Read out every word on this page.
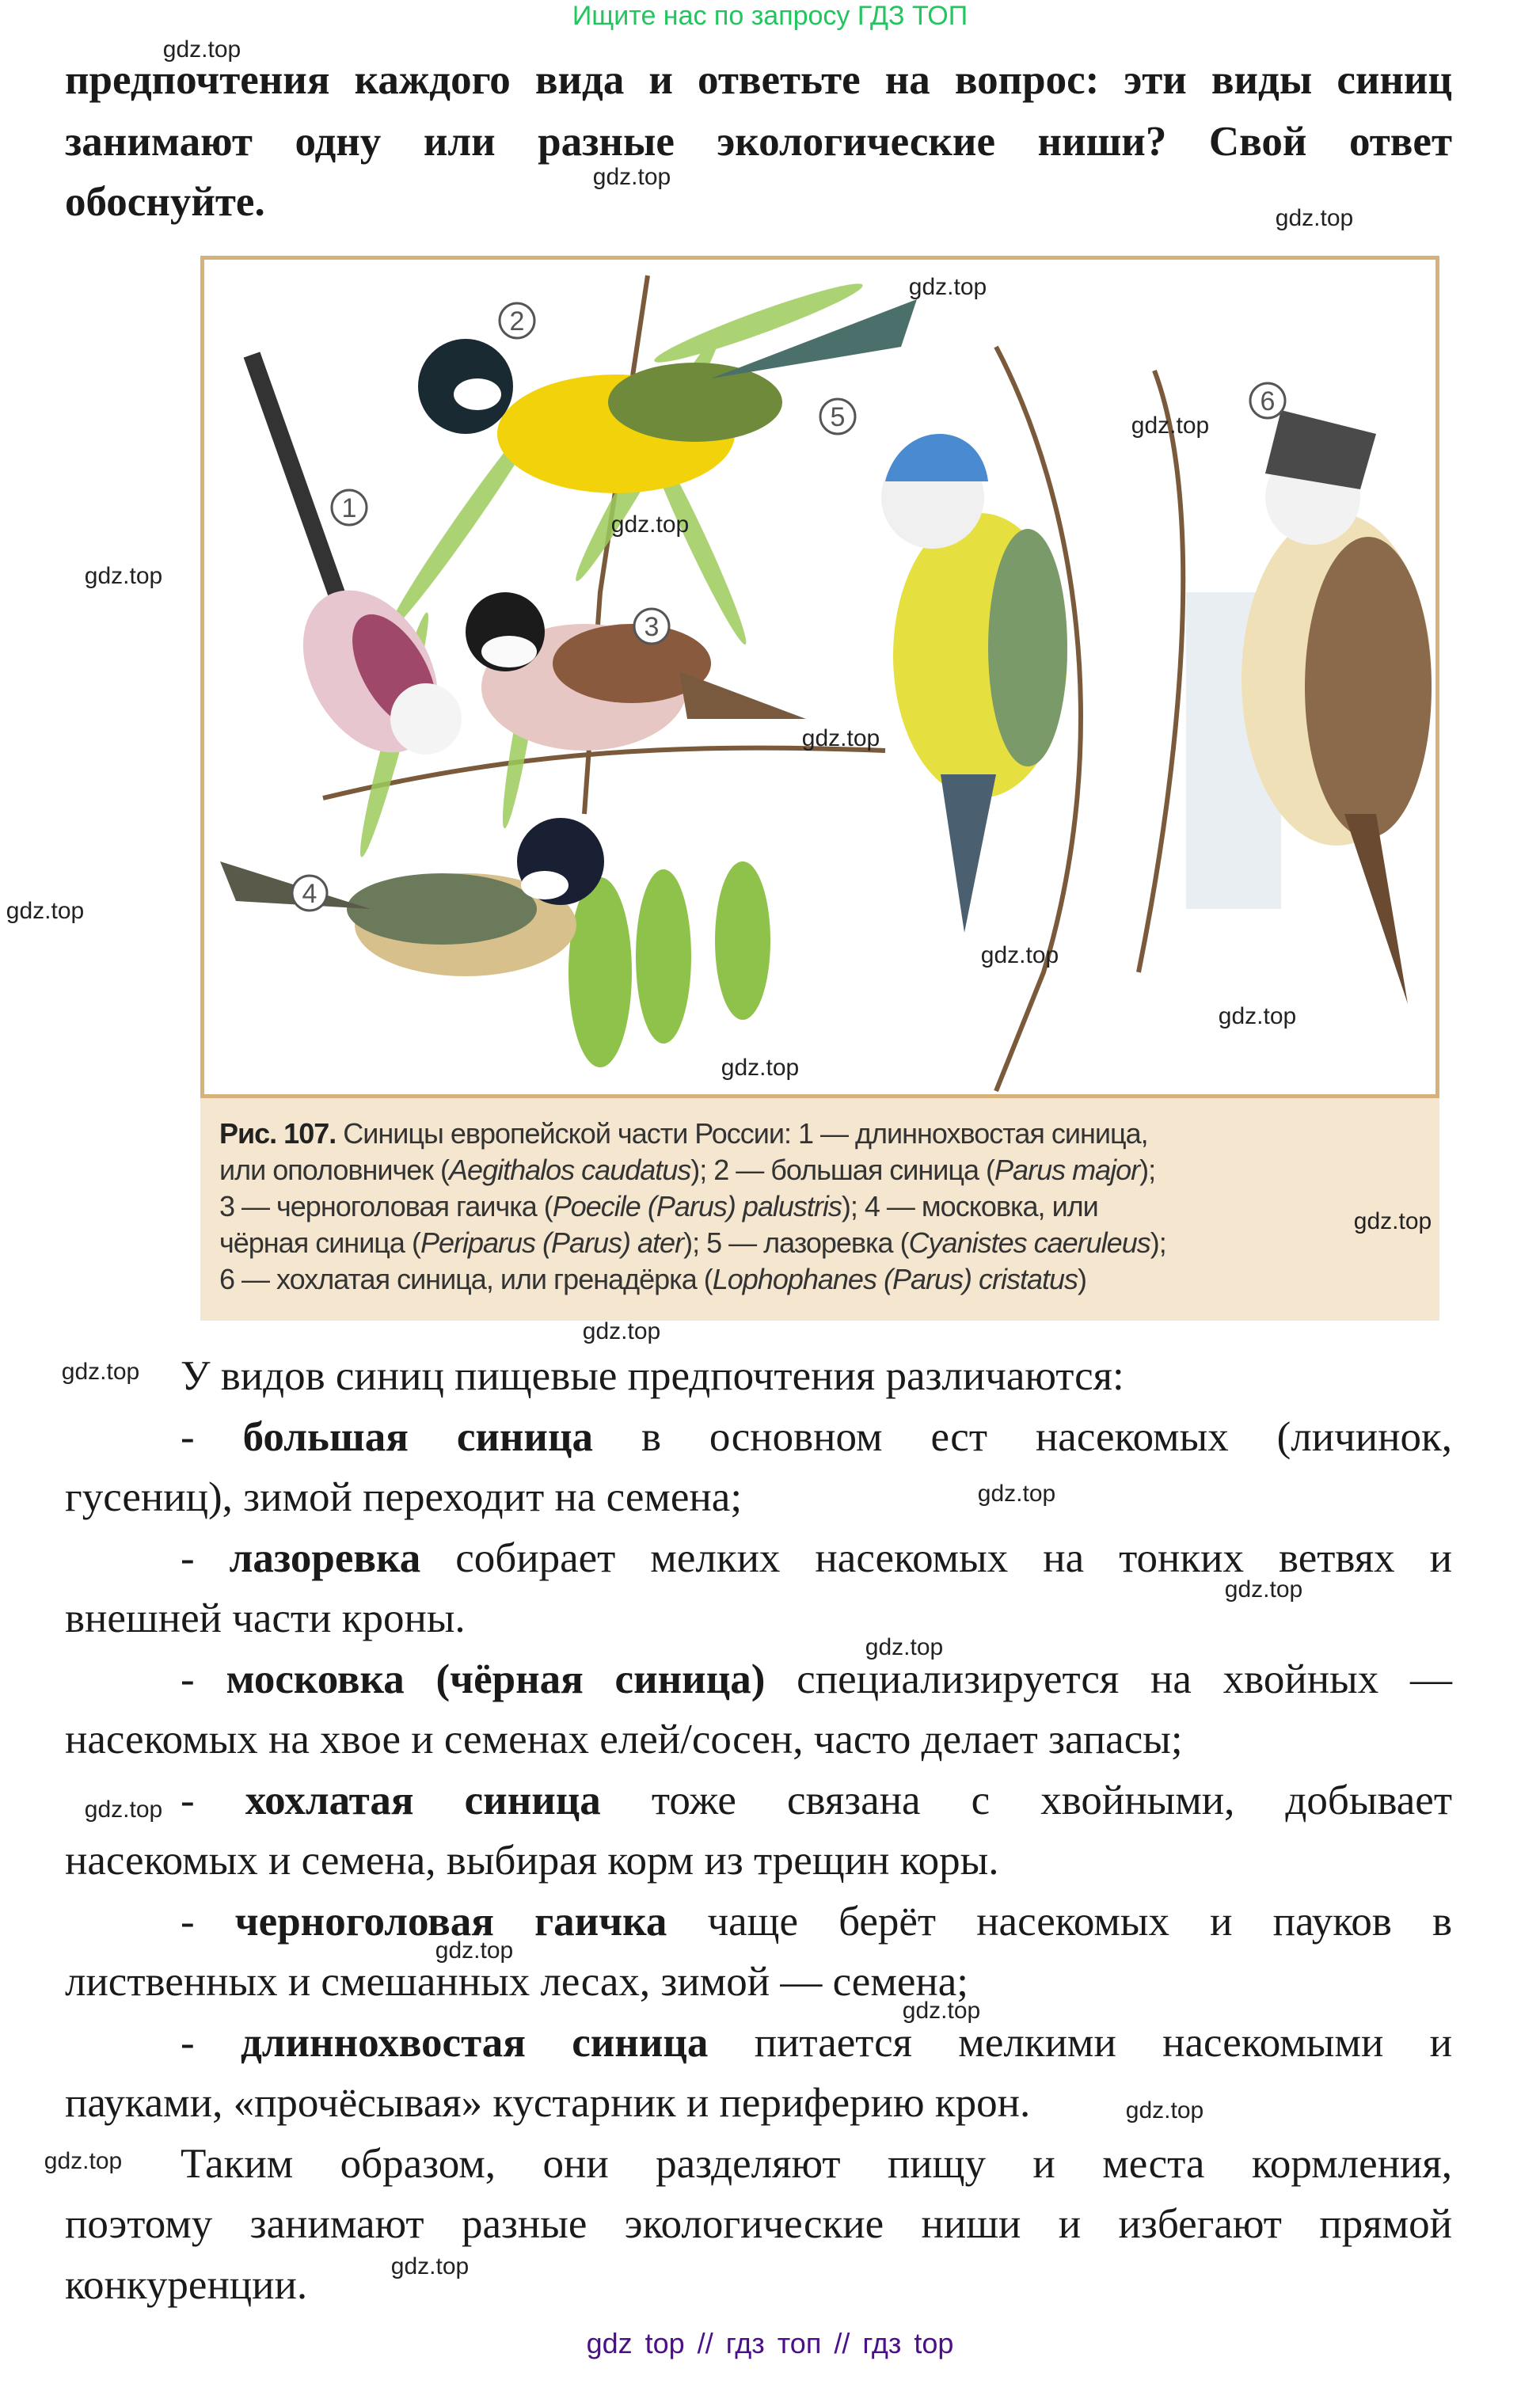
Ищите нас по запросу ГДЗ ТОП
предпочтения каждого вида и ответьте на вопрос: эти виды синиц
занимают одну или разные экологические ниши? Свой ответ
обоснуйте.
1
2
3
4
5
6
Рис. 107. Синицы европейской части России: 1 — длиннохвостая синица,
или ополовничек (Aegithalos caudatus); 2 — большая синица (Parus major);
3 — черноголовая гаичка (Poecile (Parus) palustris); 4 — московка, или
чёрная синица (Periparus (Parus) ater); 5 — лазоревка (Cyanistes caeruleus);
6 — хохлатая синица, или гренадёрка (Lophophanes (Parus) cristatus)
У видов синиц пищевые предпочтения различаются:
- большая синица в основном ест насекомых (личинок,
гусениц), зимой переходит на семена;
- лазоревка собирает мелких насекомых на тонких ветвях и
внешней части кроны.
- московка (чёрная синица) специализируется на хвойных —
насекомых на хвое и семенах елей/сосен, часто делает запасы;
- хохлатая синица тоже связана с хвойными, добывает
насекомых и семена, выбирая корм из трещин коры.
- черноголовая гаичка чаще берёт насекомых и пауков в
лиственных и смешанных лесах, зимой — семена;
- длиннохвостая синица питается мелкими насекомыми и
пауками, «прочёсывая» кустарник и периферию крон.
Таким образом, они разделяют пищу и места кормления,
поэтому занимают разные экологические ниши и избегают прямой
конкуренции.
gdz.top
gdz.top
gdz.top
gdz.top
gdz.top
gdz.top
gdz.top
gdz.top
gdz.top
gdz.top
gdz.top
gdz.top
gdz.top
gdz.top
gdz.top
gdz.top
gdz.top
gdz.top
gdz.top
gdz.top
gdz.top
gdz.top
gdz.top
gdz.top
gdz top // гдз топ // гдз top
